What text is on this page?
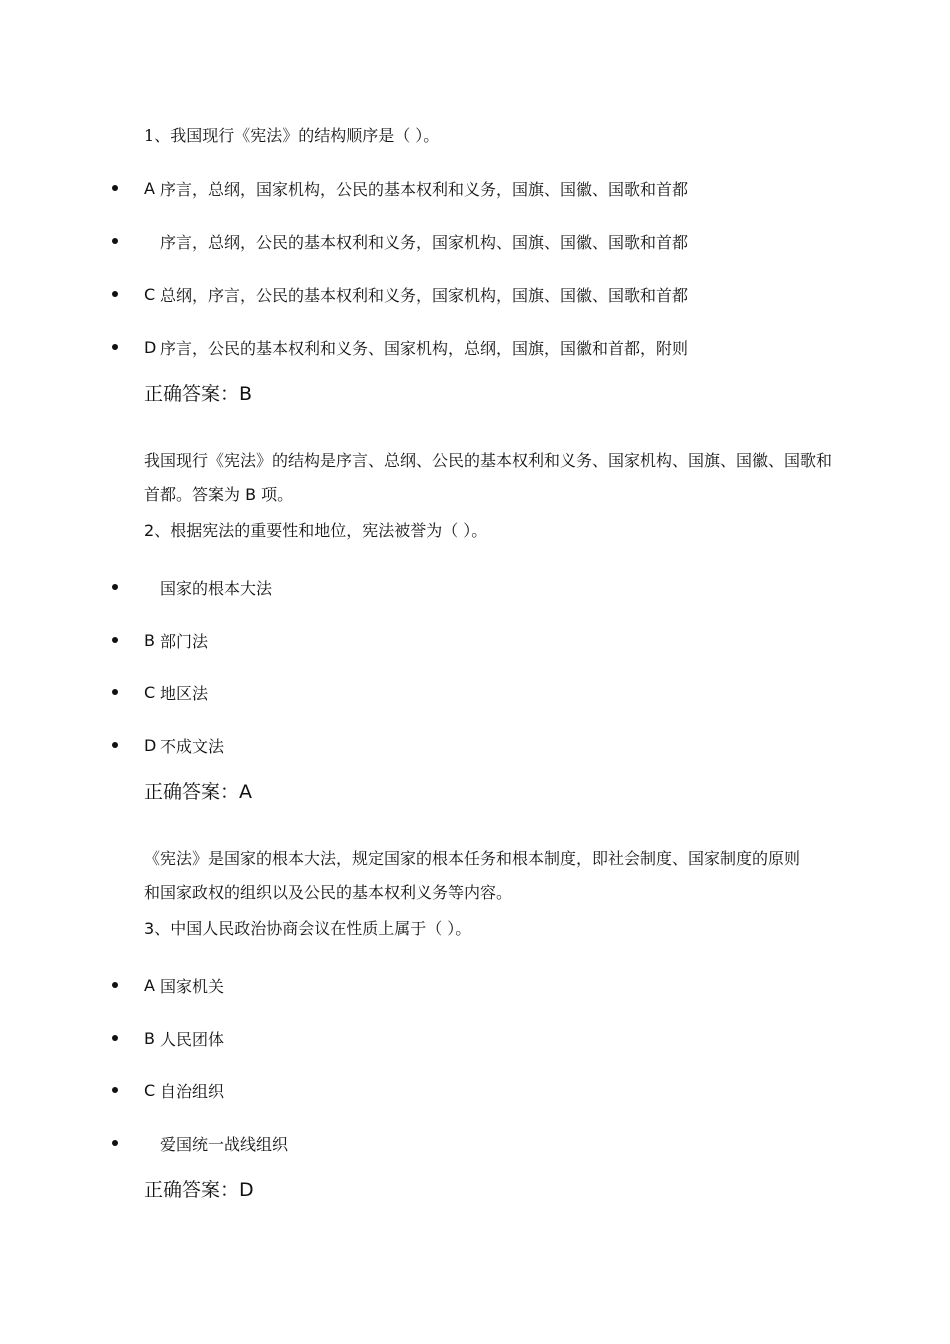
1、我国现行《宪法》的结构顺序是（ ）。
A 序言，总纲，国家机构，公民的基本权利和义务，国旗、国徽、国歌和首都
序言，总纲，公民的基本权利和义务，国家机构、国旗、国徽、国歌和首都
C 总纲，序言，公民的基本权利和义务，国家机构，国旗、国徽、国歌和首都
D 序言，公民的基本权利和义务、国家机构，总纲，国旗，国徽和首都，附则
正确答案：B
我国现行《宪法》的结构是序言、总纲、公民的基本权利和义务、国家机构、国旗、国徽、国歌和首都。答案为 B 项。
2、根据宪法的重要性和地位，宪法被誉为（ ）。
国家的根本大法
B 部门法
C 地区法
D 不成文法
正确答案：A
《宪法》是国家的根本大法，规定国家的根本任务和根本制度，即社会制度、国家制度的原则和国家政权的组织以及公民的基本权利义务等内容。
3、中国人民政治协商会议在性质上属于（ ）。
A 国家机关
B 人民团体
C 自治组织
爱国统一战线组织
正确答案：D
